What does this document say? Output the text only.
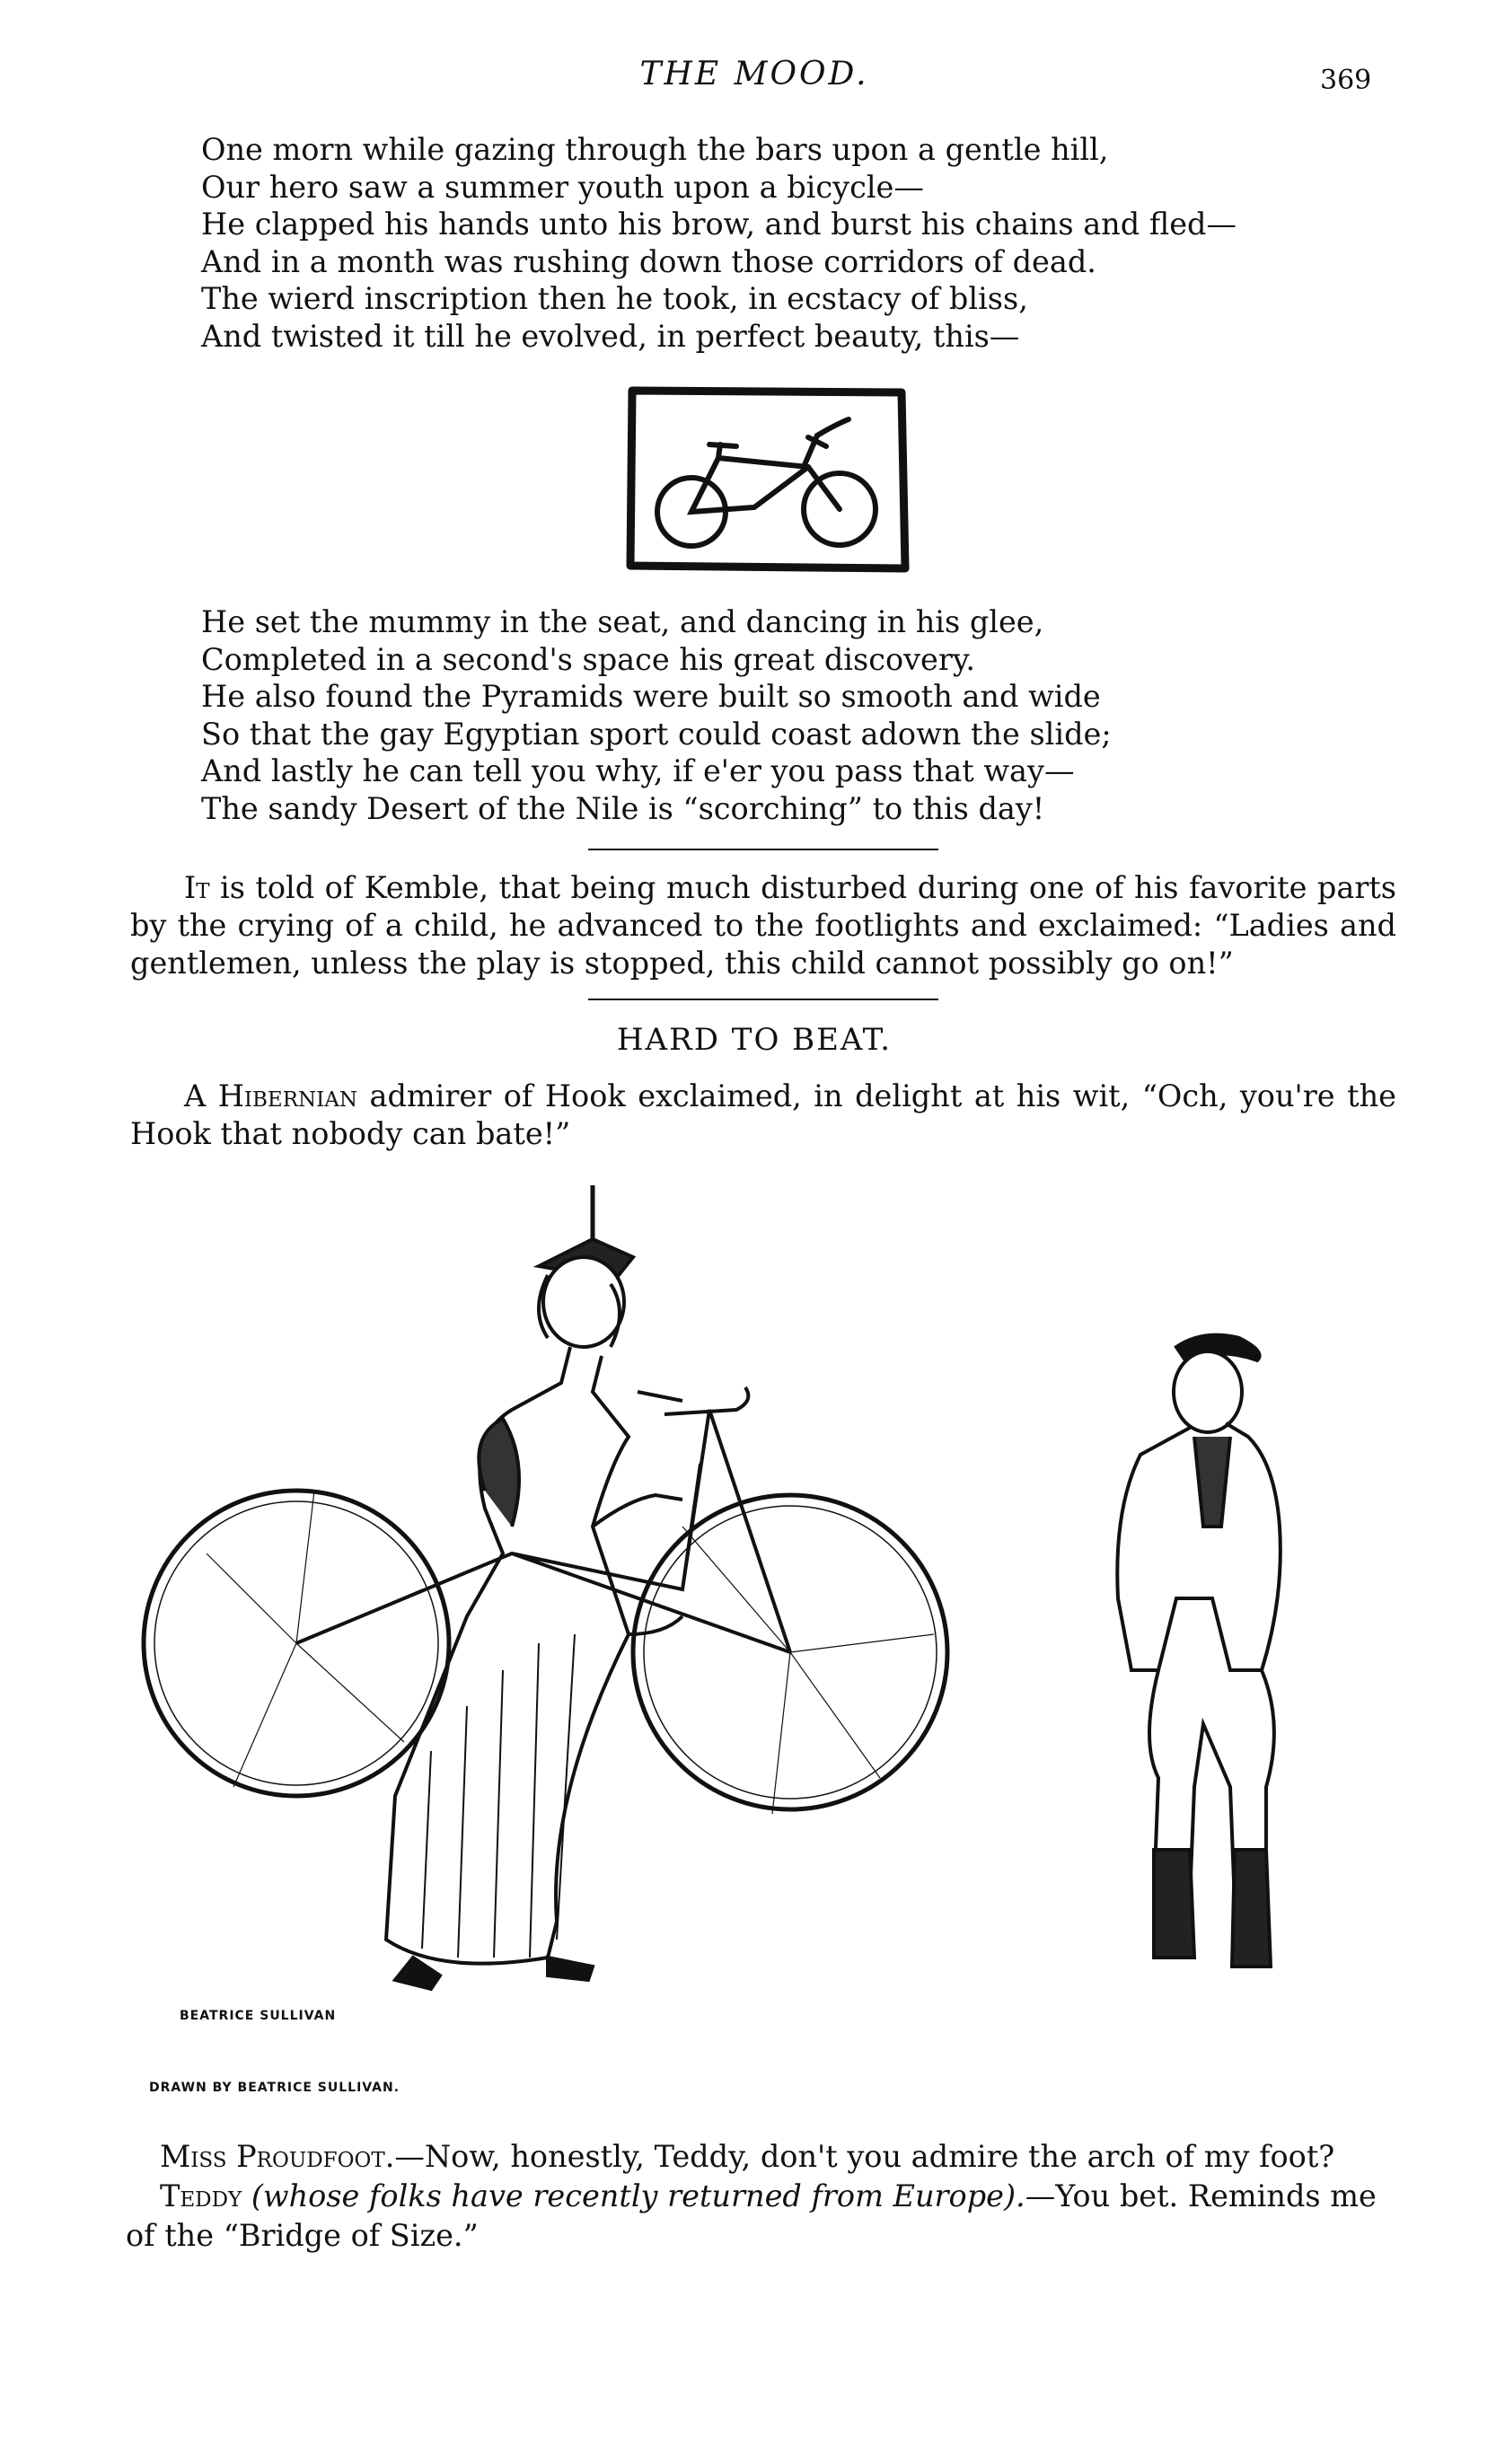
THE MOOD.	369
One morn while gazing through the bars upon a gentle hill,
Our hero saw a summer youth upon a bicycle—
He clapped his hands unto his brow, and burst his chains and fled—
And in a month was rushing down those corridors of dead.
The wierd inscription then he took, in ecstacy of bliss,
And twisted it till he evolved, in perfect beauty, this—
He set the mummy in the seat, and dancing in his glee,
Completed in a second's space his great discovery.
He also found the Pyramids were built so smooth and wide
So that the gay Egyptian sport could coast adown the slide;
And lastly he can tell you why, if e'er you pass that way—
The sandy Desert of the Nile is “scorching” to this day!
It is told of Kemble, that being much disturbed during one of his favorite parts by the crying of a child, he advanced to the footlights and exclaimed: “Ladies and gentlemen, unless the play is stopped, this child cannot possibly go on!”
HARD TO BEAT.
A Hibernian admirer of Hook exclaimed, in delight at his wit, “Och, you're the Hook that nobody can bate!”
BEATRICE SULLIVAN
DRAWN BY BEATRICE SULLIVAN.

Miss Proudfoot.—Now, honestly, Teddy, don't you admire the arch of my foot?

Teddy (whose folks have recently returned from Europe).—You bet. Reminds me of the “Bridge of Size.”
